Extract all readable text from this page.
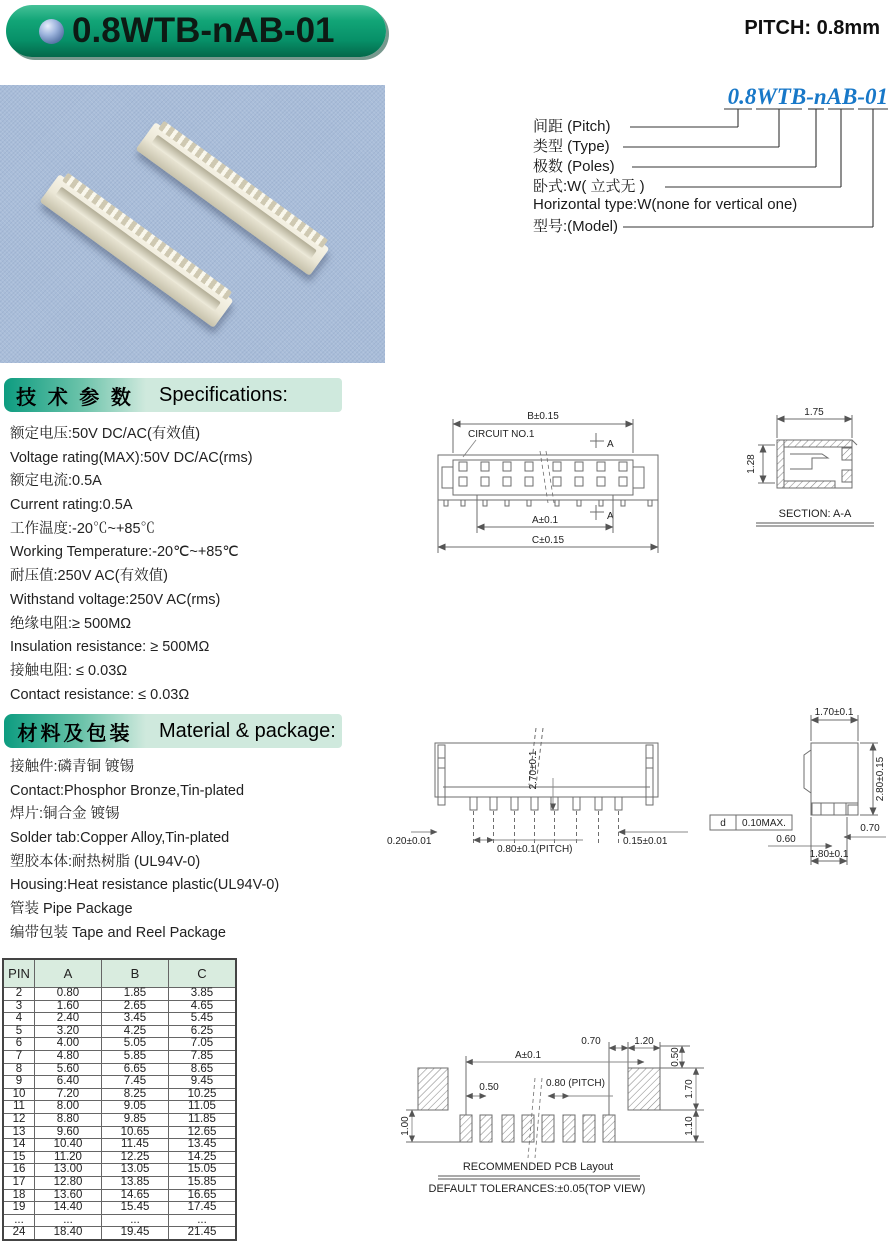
0.8WTB-nAB-01	PITCH: 0.8mm
0.8WTB-nAB-01
间距 (Pitch)
类型 (Type)
极数 (Poles)
卧式:W( 立式无 )
Horizontal type:W(none for vertical one)
型号:(Model)
技 术 参 数	Specifications:
额定电压:50V DC/AC(有效值)
Voltage rating(MAX):50V DC/AC(rms)
额定电流:0.5A
Current rating:0.5A
工作温度:-20℃~+85℃
Working Temperature:-20℃~+85℃
耐压值:250V AC(有效值)
Withstand voltage:250V AC(rms)
绝缘电阻:≥ 500MΩ
Insulation resistance: ≥ 500MΩ
接触电阻: ≤ 0.03Ω
Contact resistance: ≤ 0.03Ω
材料及包装	Material & package:
接触件:磷青铜 镀锡
Contact:Phosphor Bronze,Tin-plated
焊片:铜合金 镀锡
Solder tab:Copper Alloy,Tin-plated
塑胶本体:耐热树脂 (UL94V-0)
Housing:Heat resistance plastic(UL94V-0)
管装 Pipe Package
编带包装 Tape and Reel Package
PIN	A	B	C
2	0.80	1.85	3.85
3	1.60	2.65	4.65
4	2.40	3.45	5.45
5	3.20	4.25	6.25
6	4.00	5.05	7.05
7	4.80	5.85	7.85
8	5.60	6.65	8.65
9	6.40	7.45	9.45
10	7.20	8.25	10.25
11	8.00	9.05	11.05
12	8.80	9.85	11.85
13	9.60	10.65	12.65
14	10.40	11.45	13.45
15	11.20	12.25	14.25
16	13.00	13.05	15.05
17	12.80	13.85	15.85
18	13.60	14.65	16.65
19	14.40	15.45	17.45
...	...	...	...
24	18.40	19.45	21.45
B±0.15
CIRCUIT NO.1
A
A
A±0.1
C±0.15
1.75
1.28
SECTION: A-A
2.70±0.1
0.20±0.01
0.80±0.1(PITCH)
0.15±0.01
1.70±0.1
2.80±0.15
d 0.10MAX.
0.60
0.70
1.80±0.1
A±0.1
0.70	1.20
0.50
0.50	0.80 (PITCH)
1.00
1.70
1.10
RECOMMENDED PCB Layout
DEFAULT TOLERANCES:±0.05(TOP VIEW)
